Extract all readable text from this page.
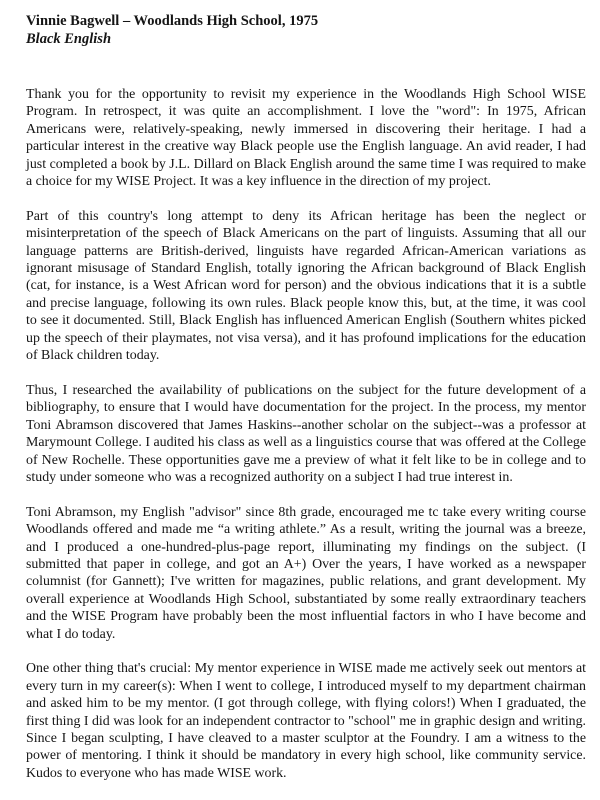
Vinnie Bagwell – Woodlands High School, 1975

Black English

Thank you for the opportunity to revisit my experience in the Woodlands High School WISE Program. In retrospect, it was quite an accomplishment. I love the "word": In 1975, African Americans were, relatively-speaking, newly immersed in discovering their heritage. I had a particular interest in the creative way Black people use the English language. An avid reader, I had just completed a book by J.L. Dillard on Black English around the same time I was required to make a choice for my WISE Project. It was a key influence in the direction of my project.

Part of this country's long attempt to deny its African heritage has been the neglect or misinterpretation of the speech of Black Americans on the part of linguists. Assuming that all our language patterns are British-derived, linguists have regarded African-American variations as ignorant misusage of Standard English, totally ignoring the African background of Black English (cat, for instance, is a West African word for person) and the obvious indications that it is a subtle and precise language, following its own rules. Black people know this, but, at the time, it was cool to see it documented. Still, Black English has influenced American English (Southern whites picked up the speech of their playmates, not visa versa), and it has profound implications for the education of Black children today.

Thus, I researched the availability of publications on the subject for the future development of a bibliography, to ensure that I would have documentation for the project. In the process, my mentor Toni Abramson discovered that James Haskins--another scholar on the subject--was a professor at Marymount College. I audited his class as well as a linguistics course that was offered at the College of New Rochelle. These opportunities gave me a preview of what it felt like to be in college and to study under someone who was a recognized authority on a subject I had true interest in.

Toni Abramson, my English "advisor" since 8th grade, encouraged me tc take every writing course Woodlands offered and made me “a writing athlete.” As a result, writing the journal was a breeze, and I produced a one-hundred-plus-page report, illuminating my findings on the subject. (I submitted that paper in college, and got an A+) Over the years, I have worked as a newspaper columnist (for Gannett); I've written for magazines, public relations, and grant development. My overall experience at Woodlands High School, substantiated by some really extraordinary teachers and the WISE Program have probably been the most influential factors in who I have become and what I do today.

One other thing that's crucial: My mentor experience in WISE made me actively seek out mentors at every turn in my career(s): When I went to college, I introduced myself to my department chairman and asked him to be my mentor. (I got through college, with flying colors!) When I graduated, the first thing I did was look for an independent contractor to "school" me in graphic design and writing. Since I began sculpting, I have cleaved to a master sculptor at the Foundry. I am a witness to the power of mentoring. I think it should be mandatory in every high school, like community service. Kudos to everyone who has made WISE work.
